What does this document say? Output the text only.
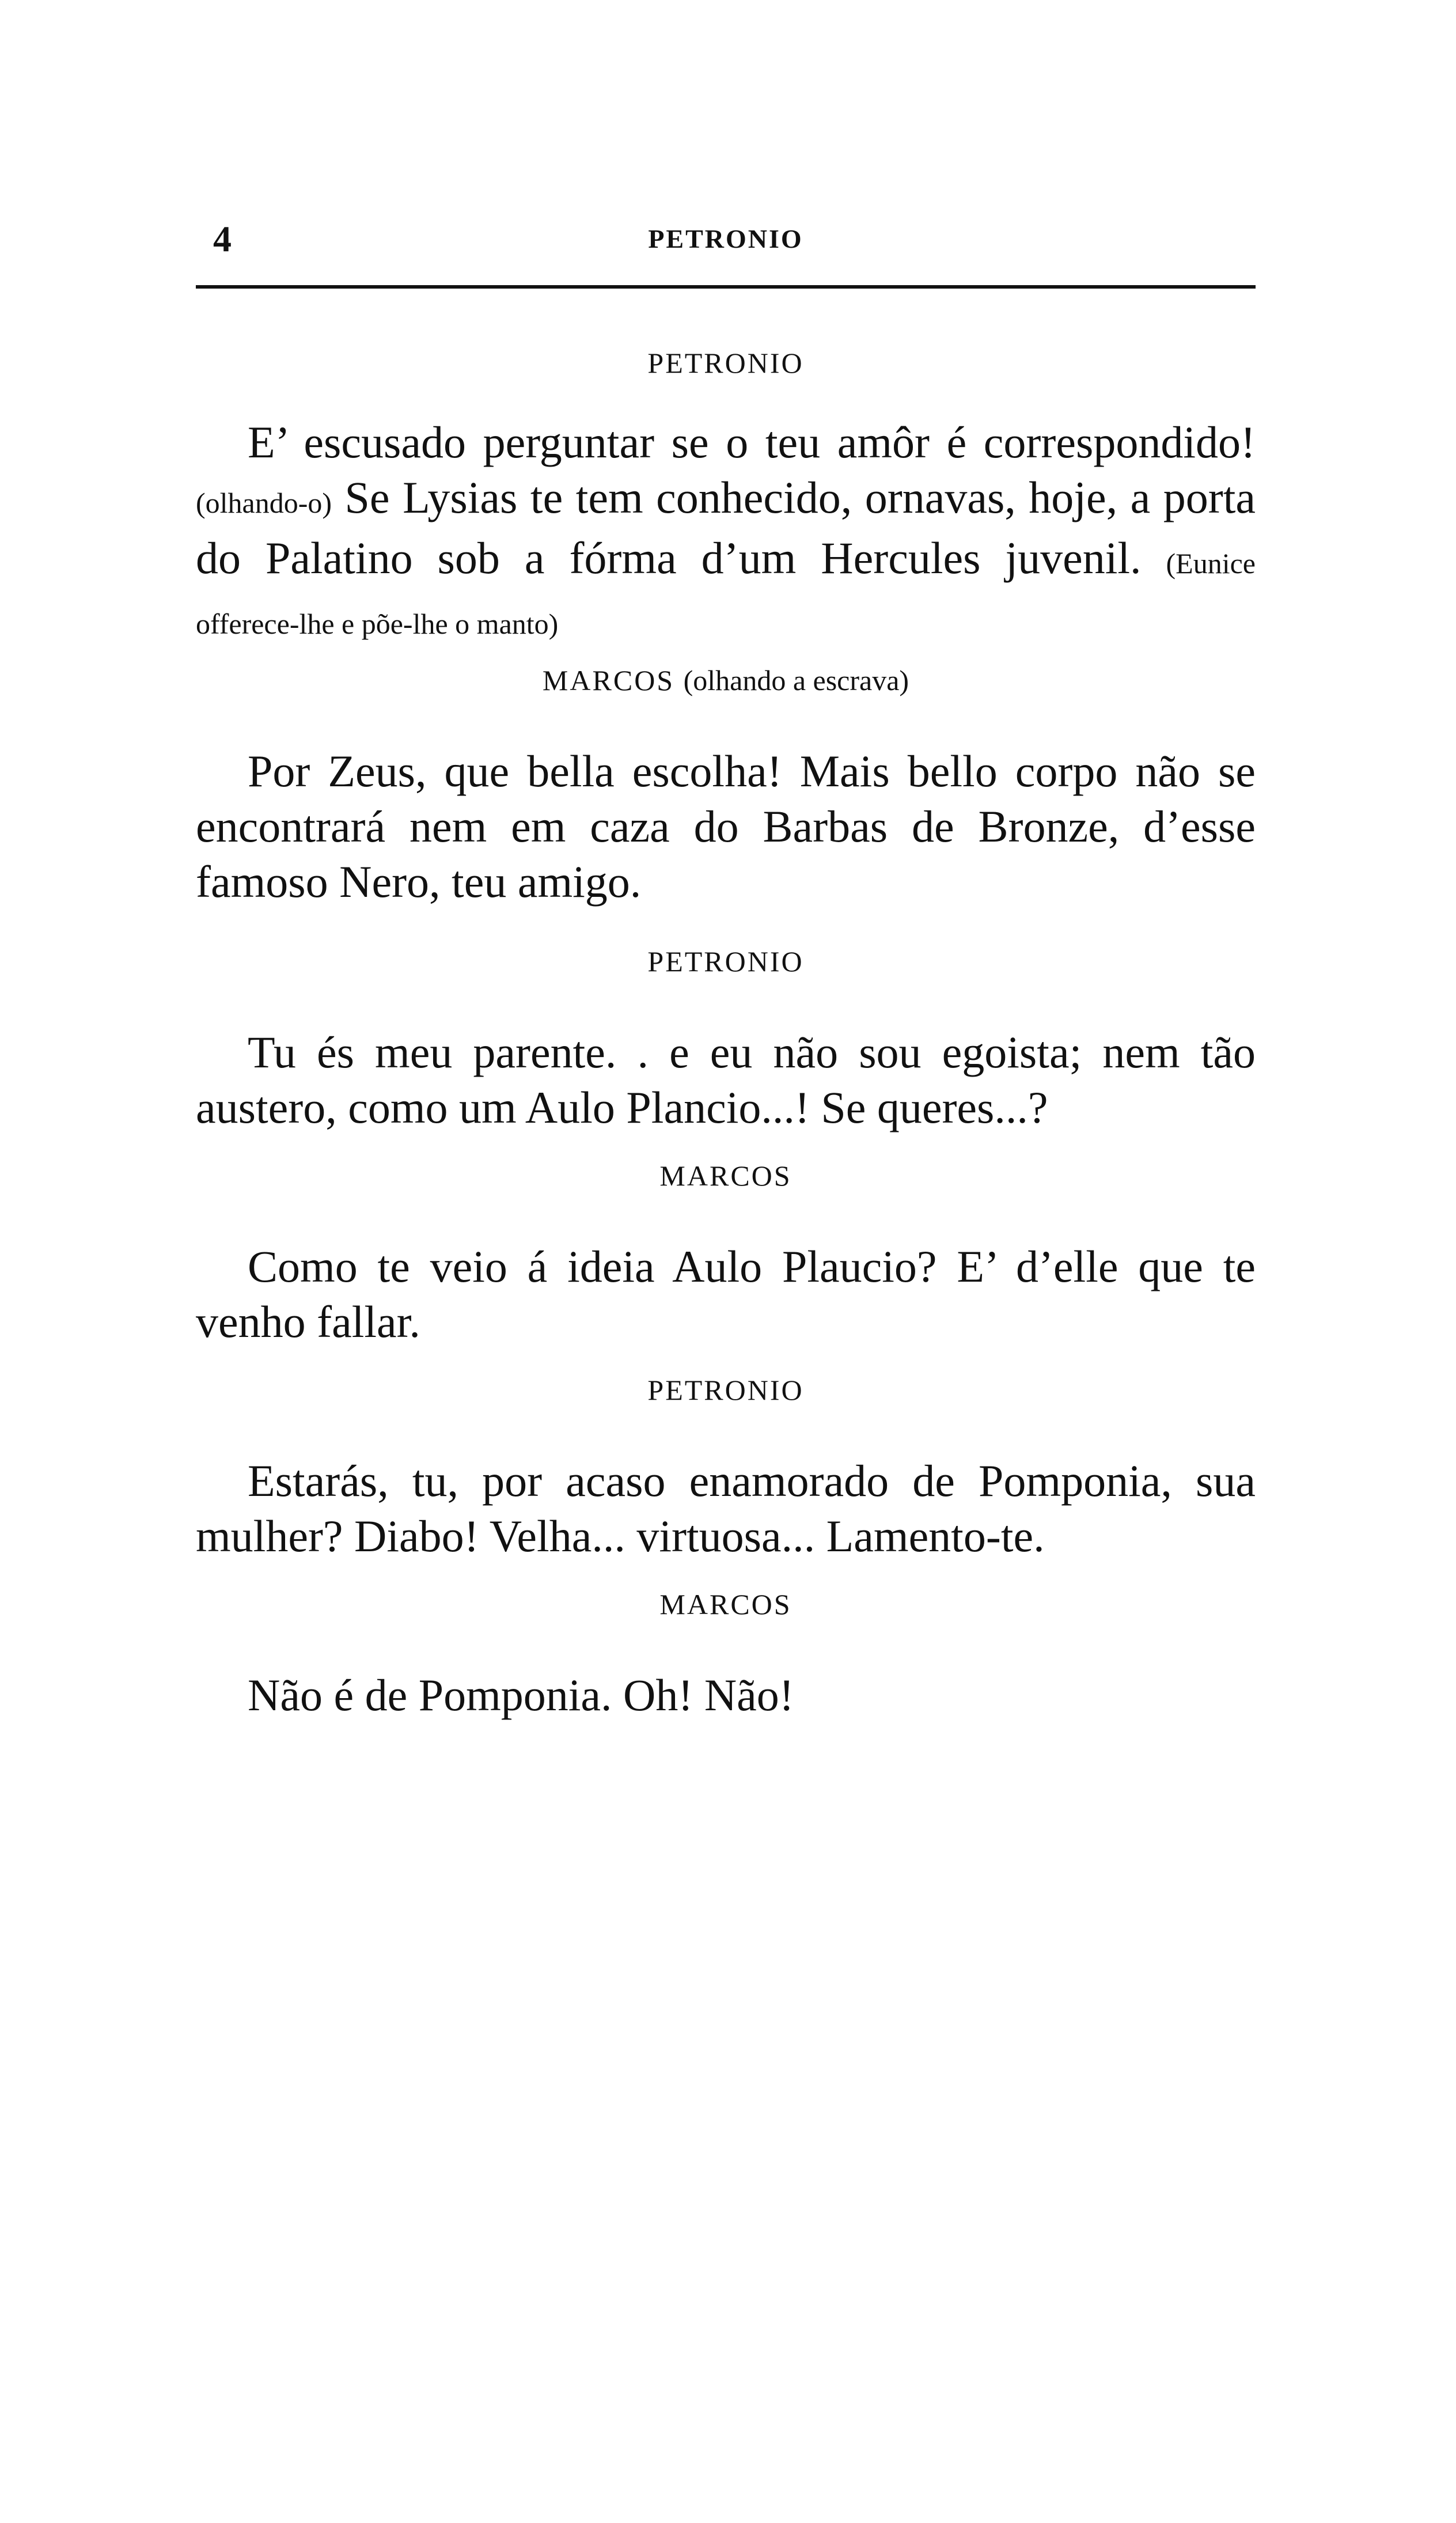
4	PETRONIO
PETRONIO

E’ escusado perguntar se o teu amôr é correspondido! (olhando-o) Se Lysias te tem conhecido, ornavas, hoje, a porta do Palatino sob a fórma d’um Hercules juvenil. (Eunice offerece-lhe e põe-lhe o manto)

MARCOS (olhando a escrava)

Por Zeus, que bella escolha! Mais bello corpo não se encontrará nem em caza do Barbas de Bronze, d’esse famoso Nero, teu amigo.

PETRONIO

Tu és meu parente. . e eu não sou egoista; nem tão austero, como um Aulo Plancio...! Se queres...?

MARCOS

Como te veio á ideia Aulo Plaucio? E’ d’elle que te venho fallar.

PETRONIO

Estarás, tu, por acaso enamorado de Pomponia, sua mulher? Diabo! Velha... virtuosa... Lamento-te.

MARCOS

Não é de Pomponia. Oh! Não!
